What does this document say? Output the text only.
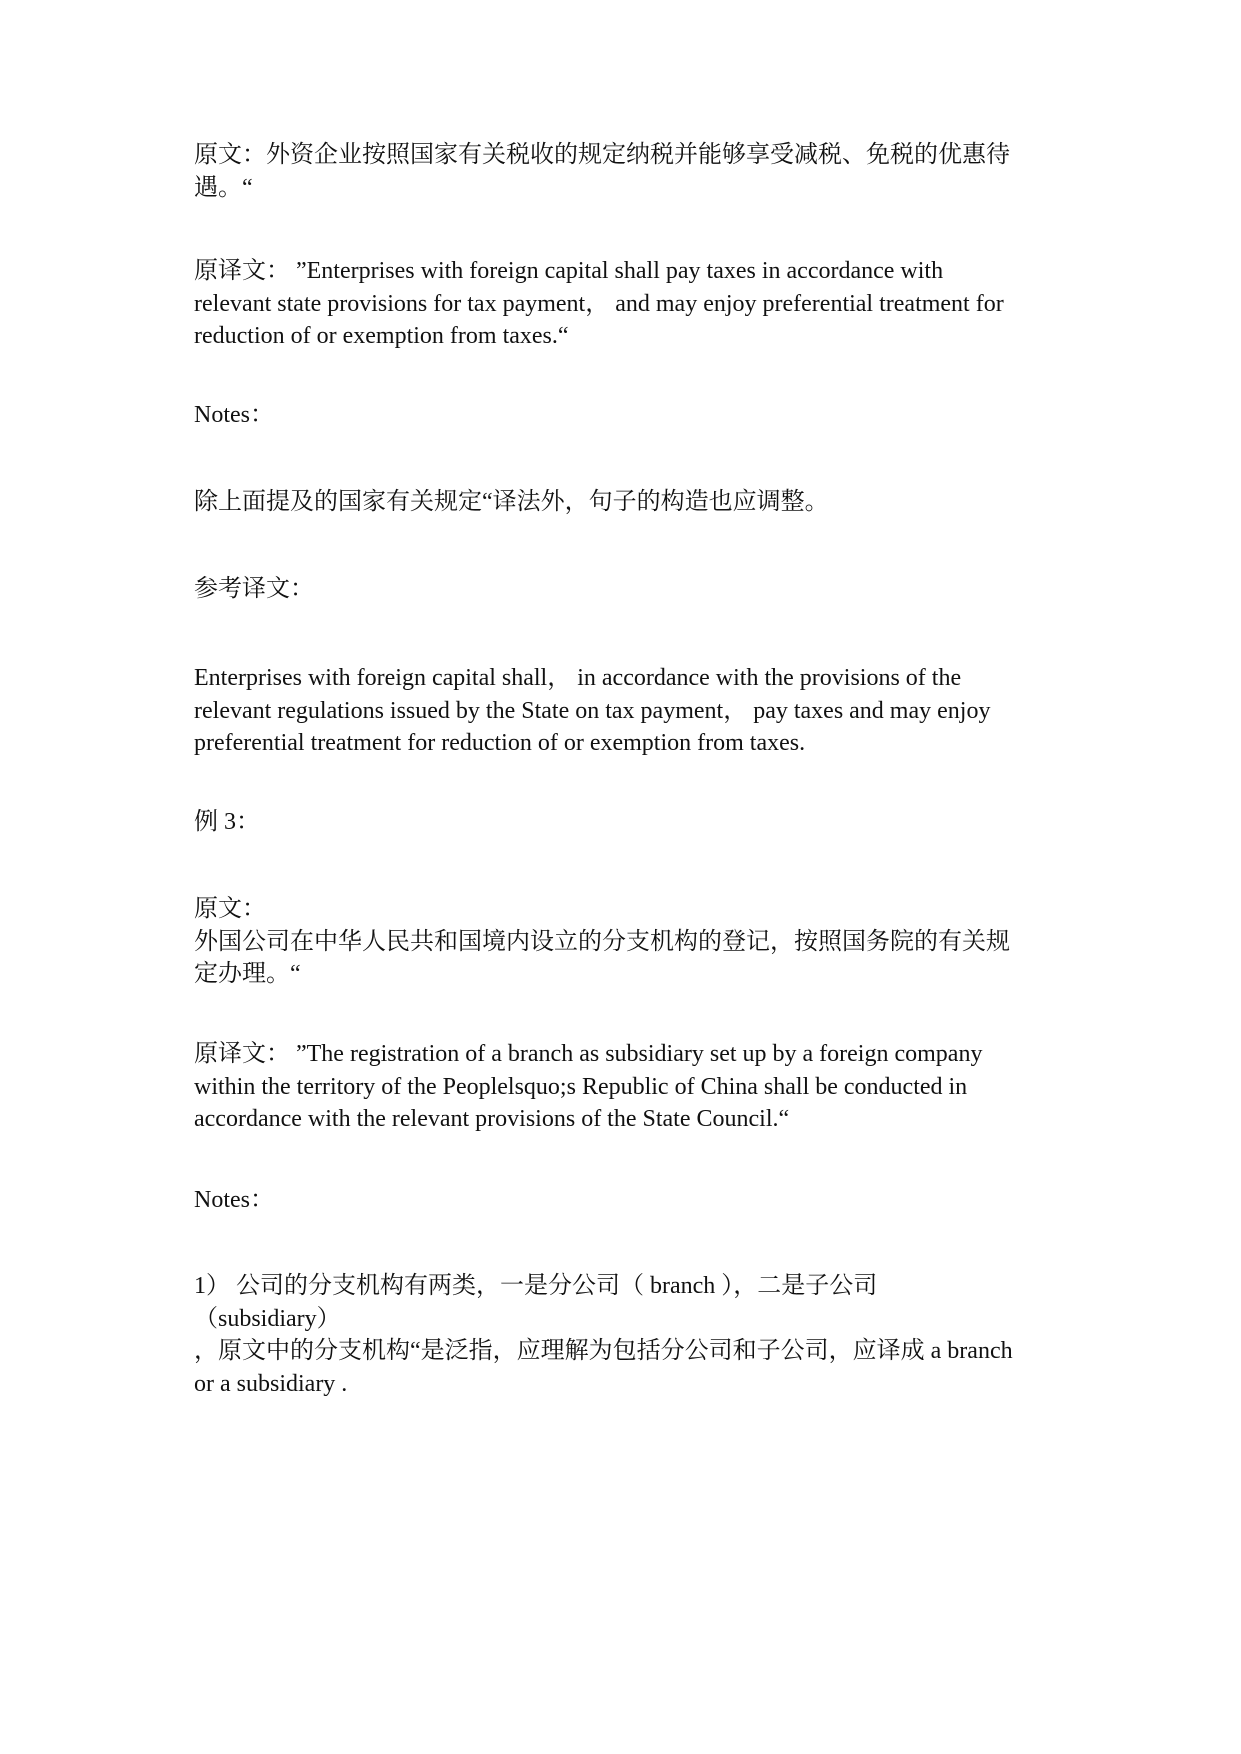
原文：外资企业按照国家有关税收的规定纳税并能够享受减税、免税的优惠待
遇。“

原译文： ”Enterprises with foreign capital shall pay taxes in accordance with
relevant state provisions for tax payment， and may enjoy preferential treatment for
reduction of or exemption from taxes.“

Notes：

除上面提及的国家有关规定“译法外，句子的构造也应调整。

参考译文：

Enterprises with foreign capital shall， in accordance with the provisions of the
relevant regulations issued by the State on tax payment， pay taxes and may enjoy
preferential treatment for reduction of or exemption from taxes.

例 3：

原文：
外国公司在中华人民共和国境内设立的分支机构的登记，按照国务院的有关规
定办理。“

原译文： ”The registration of a branch as subsidiary set up by a foreign company
within the territory of the Peoplelsquo;s Republic of China shall be conducted in
accordance with the relevant provisions of the State Council.“

Notes：

1） 公司的分支机构有两类，一是分公司（ branch ），二是子公司
（subsidiary）
，原文中的分支机构“是泛指，应理解为包括分公司和子公司，应译成 a branch
or a subsidiary .
